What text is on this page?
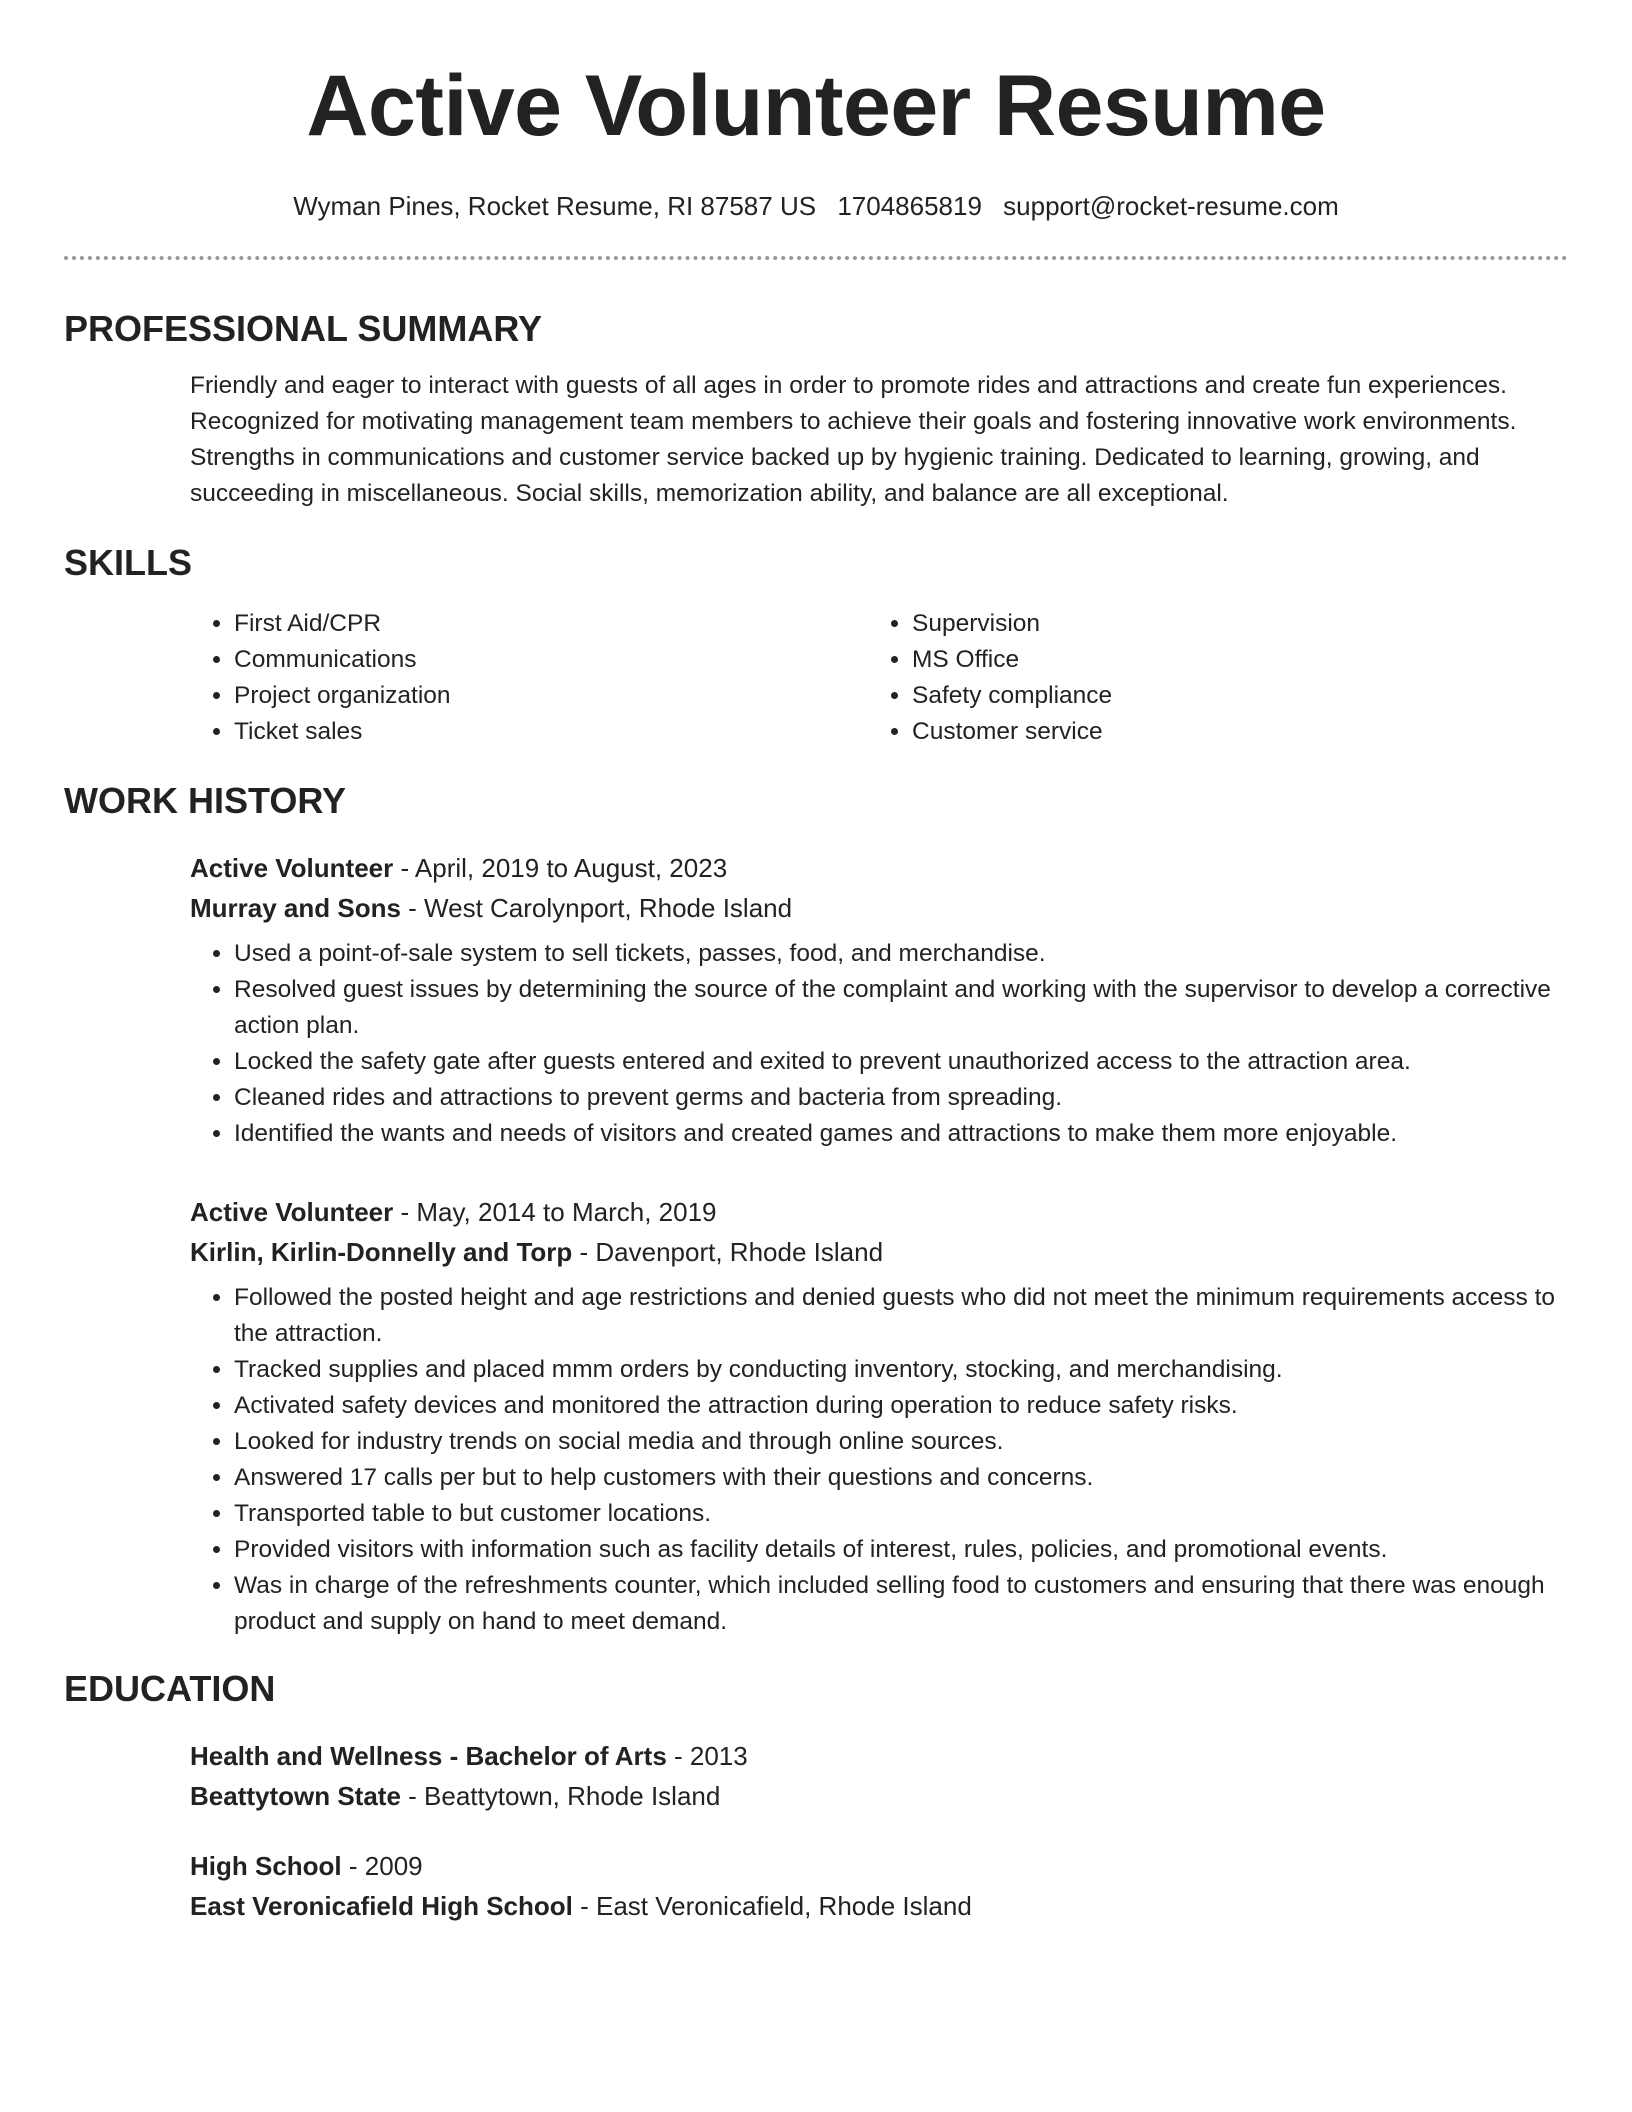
Active Volunteer Resume
Wyman Pines, Rocket Resume, RI 87587 US 1704865819 support@rocket-resume.com
PROFESSIONAL SUMMARY
Friendly and eager to interact with guests of all ages in order to promote rides and attractions and create fun experiences. Recognized for motivating management team members to achieve their goals and fostering innovative work environments. Strengths in communications and customer service backed up by hygienic training. Dedicated to learning, growing, and succeeding in miscellaneous. Social skills, memorization ability, and balance are all exceptional.
SKILLS
• First Aid/CPR
• Communications
• Project organization
• Ticket sales
• Supervision
• MS Office
• Safety compliance
• Customer service
WORK HISTORY
Active Volunteer - April, 2019 to August, 2023
Murray and Sons - West Carolynport, Rhode Island
• Used a point-of-sale system to sell tickets, passes, food, and merchandise.
• Resolved guest issues by determining the source of the complaint and working with the supervisor to develop a corrective action plan.
• Locked the safety gate after guests entered and exited to prevent unauthorized access to the attraction area.
• Cleaned rides and attractions to prevent germs and bacteria from spreading.
• Identified the wants and needs of visitors and created games and attractions to make them more enjoyable.
Active Volunteer - May, 2014 to March, 2019
Kirlin, Kirlin-Donnelly and Torp - Davenport, Rhode Island
• Followed the posted height and age restrictions and denied guests who did not meet the minimum requirements access to the attraction.
• Tracked supplies and placed mmm orders by conducting inventory, stocking, and merchandising.
• Activated safety devices and monitored the attraction during operation to reduce safety risks.
• Looked for industry trends on social media and through online sources.
• Answered 17 calls per but to help customers with their questions and concerns.
• Transported table to but customer locations.
• Provided visitors with information such as facility details of interest, rules, policies, and promotional events.
• Was in charge of the refreshments counter, which included selling food to customers and ensuring that there was enough product and supply on hand to meet demand.
EDUCATION
Health and Wellness - Bachelor of Arts - 2013
Beattytown State - Beattytown, Rhode Island
High School - 2009
East Veronicafield High School - East Veronicafield, Rhode Island
